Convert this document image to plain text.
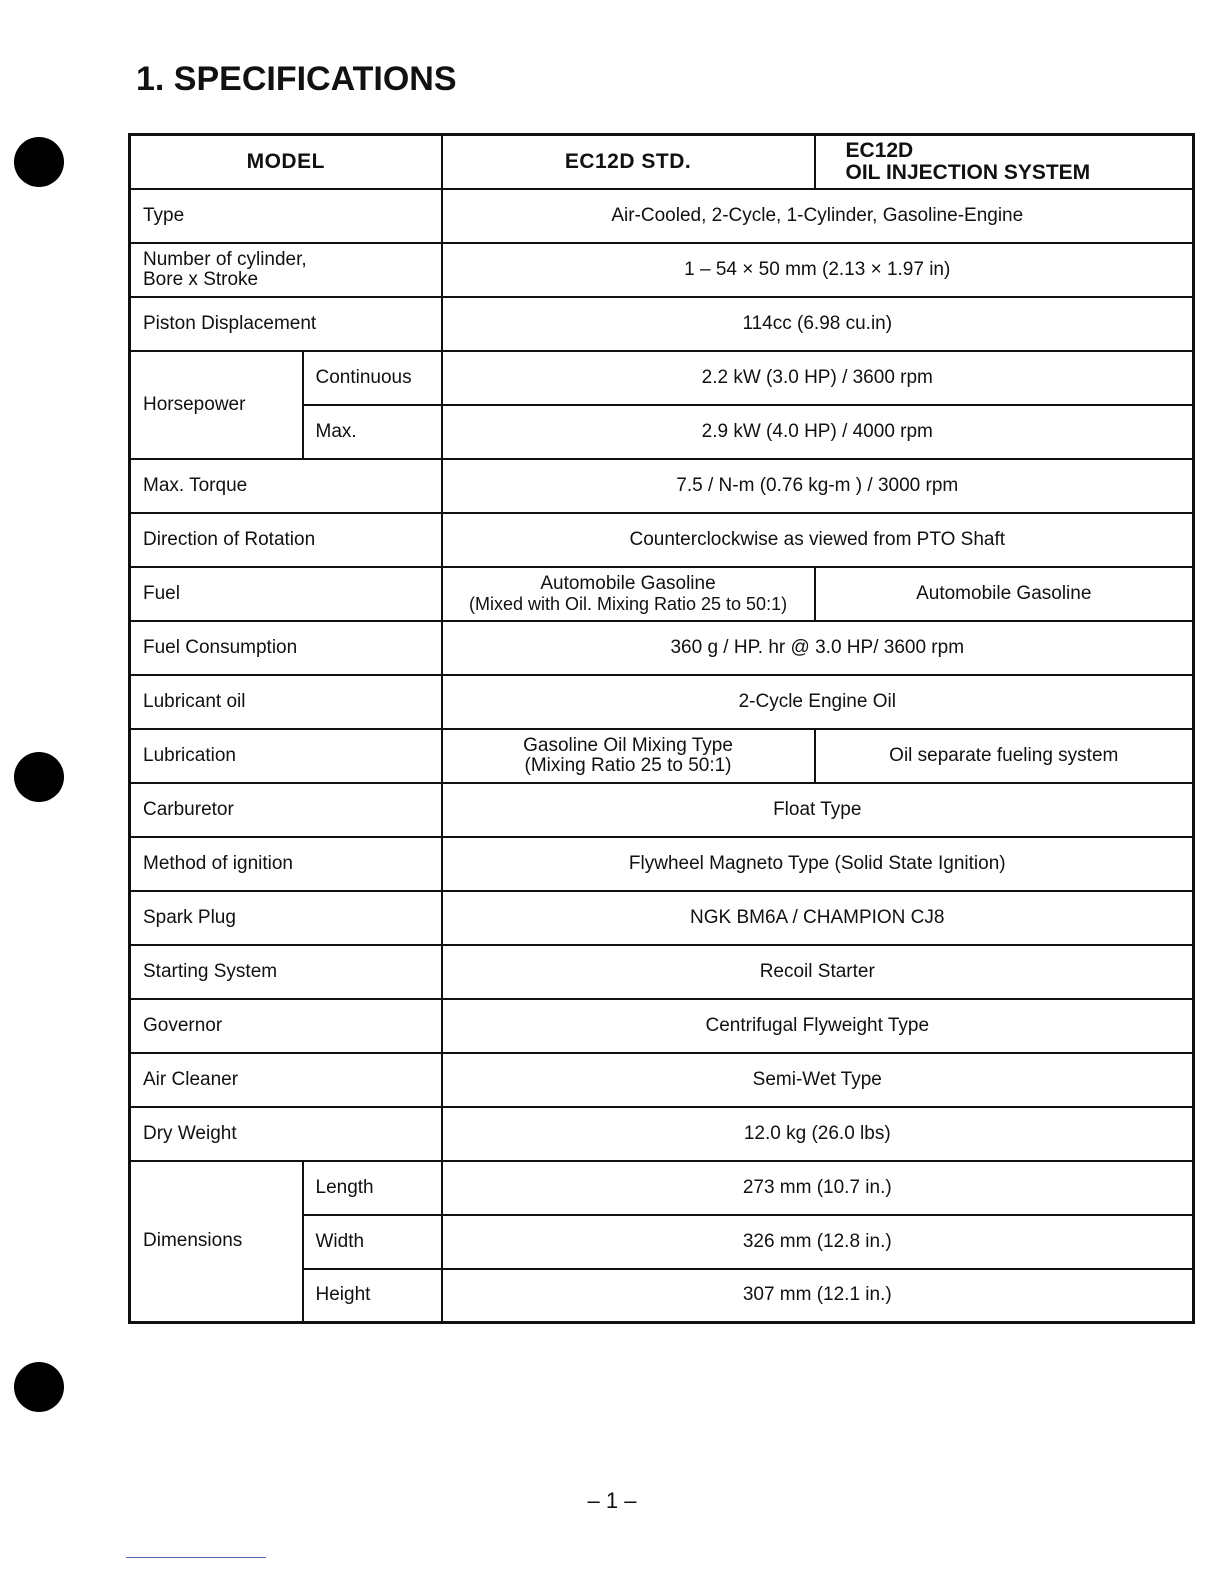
1. SPECIFICATIONS
MODEL		EC12D STD.	EC12D
OIL INJECTION SYSTEM

Type		Air-Cooled, 2-Cycle, 1-Cylinder, Gasoline-Engine	

Number of cylinder,
Bore x Stroke		1 – 54 × 50 mm (2.13 × 1.97 in)	
Piston Displacement		114cc (6.98 cu.in)	
Horsepower	Continuous	2.2 kW (3.0 HP) / 3600 rpm	
	Max.	2.9 kW (4.0 HP) / 4000 rpm	
Max. Torque		7.5 / N-m (0.76 kg-m ) / 3000 rpm	
Direction of Rotation		Counterclockwise as viewed from PTO Shaft	
Fuel		Automobile Gasoline
(Mixed with Oil. Mixing Ratio 25 to 50:1)	Automobile Gasoline
Fuel Consumption		360 g / HP. hr @ 3.0 HP/ 3600 rpm	
Lubricant oil		2-Cycle Engine Oil	
Lubrication		Gasoline Oil Mixing Type
(Mixing Ratio 25 to 50:1)	Oil separate fueling system
Carburetor		Float Type	
Method of ignition		Flywheel Magneto Type (Solid State Ignition)	
Spark Plug		NGK BM6A / CHAMPION CJ8	
Starting System		Recoil Starter	
Governor		Centrifugal Flyweight Type	
Air Cleaner		Semi-Wet Type	
Dry Weight		12.0 kg (26.0 lbs)	
Dimensions	Length	273 mm (10.7 in.)	
	Width	326 mm (12.8 in.)	
	Height	307 mm (12.1 in.)	
– 1 –
